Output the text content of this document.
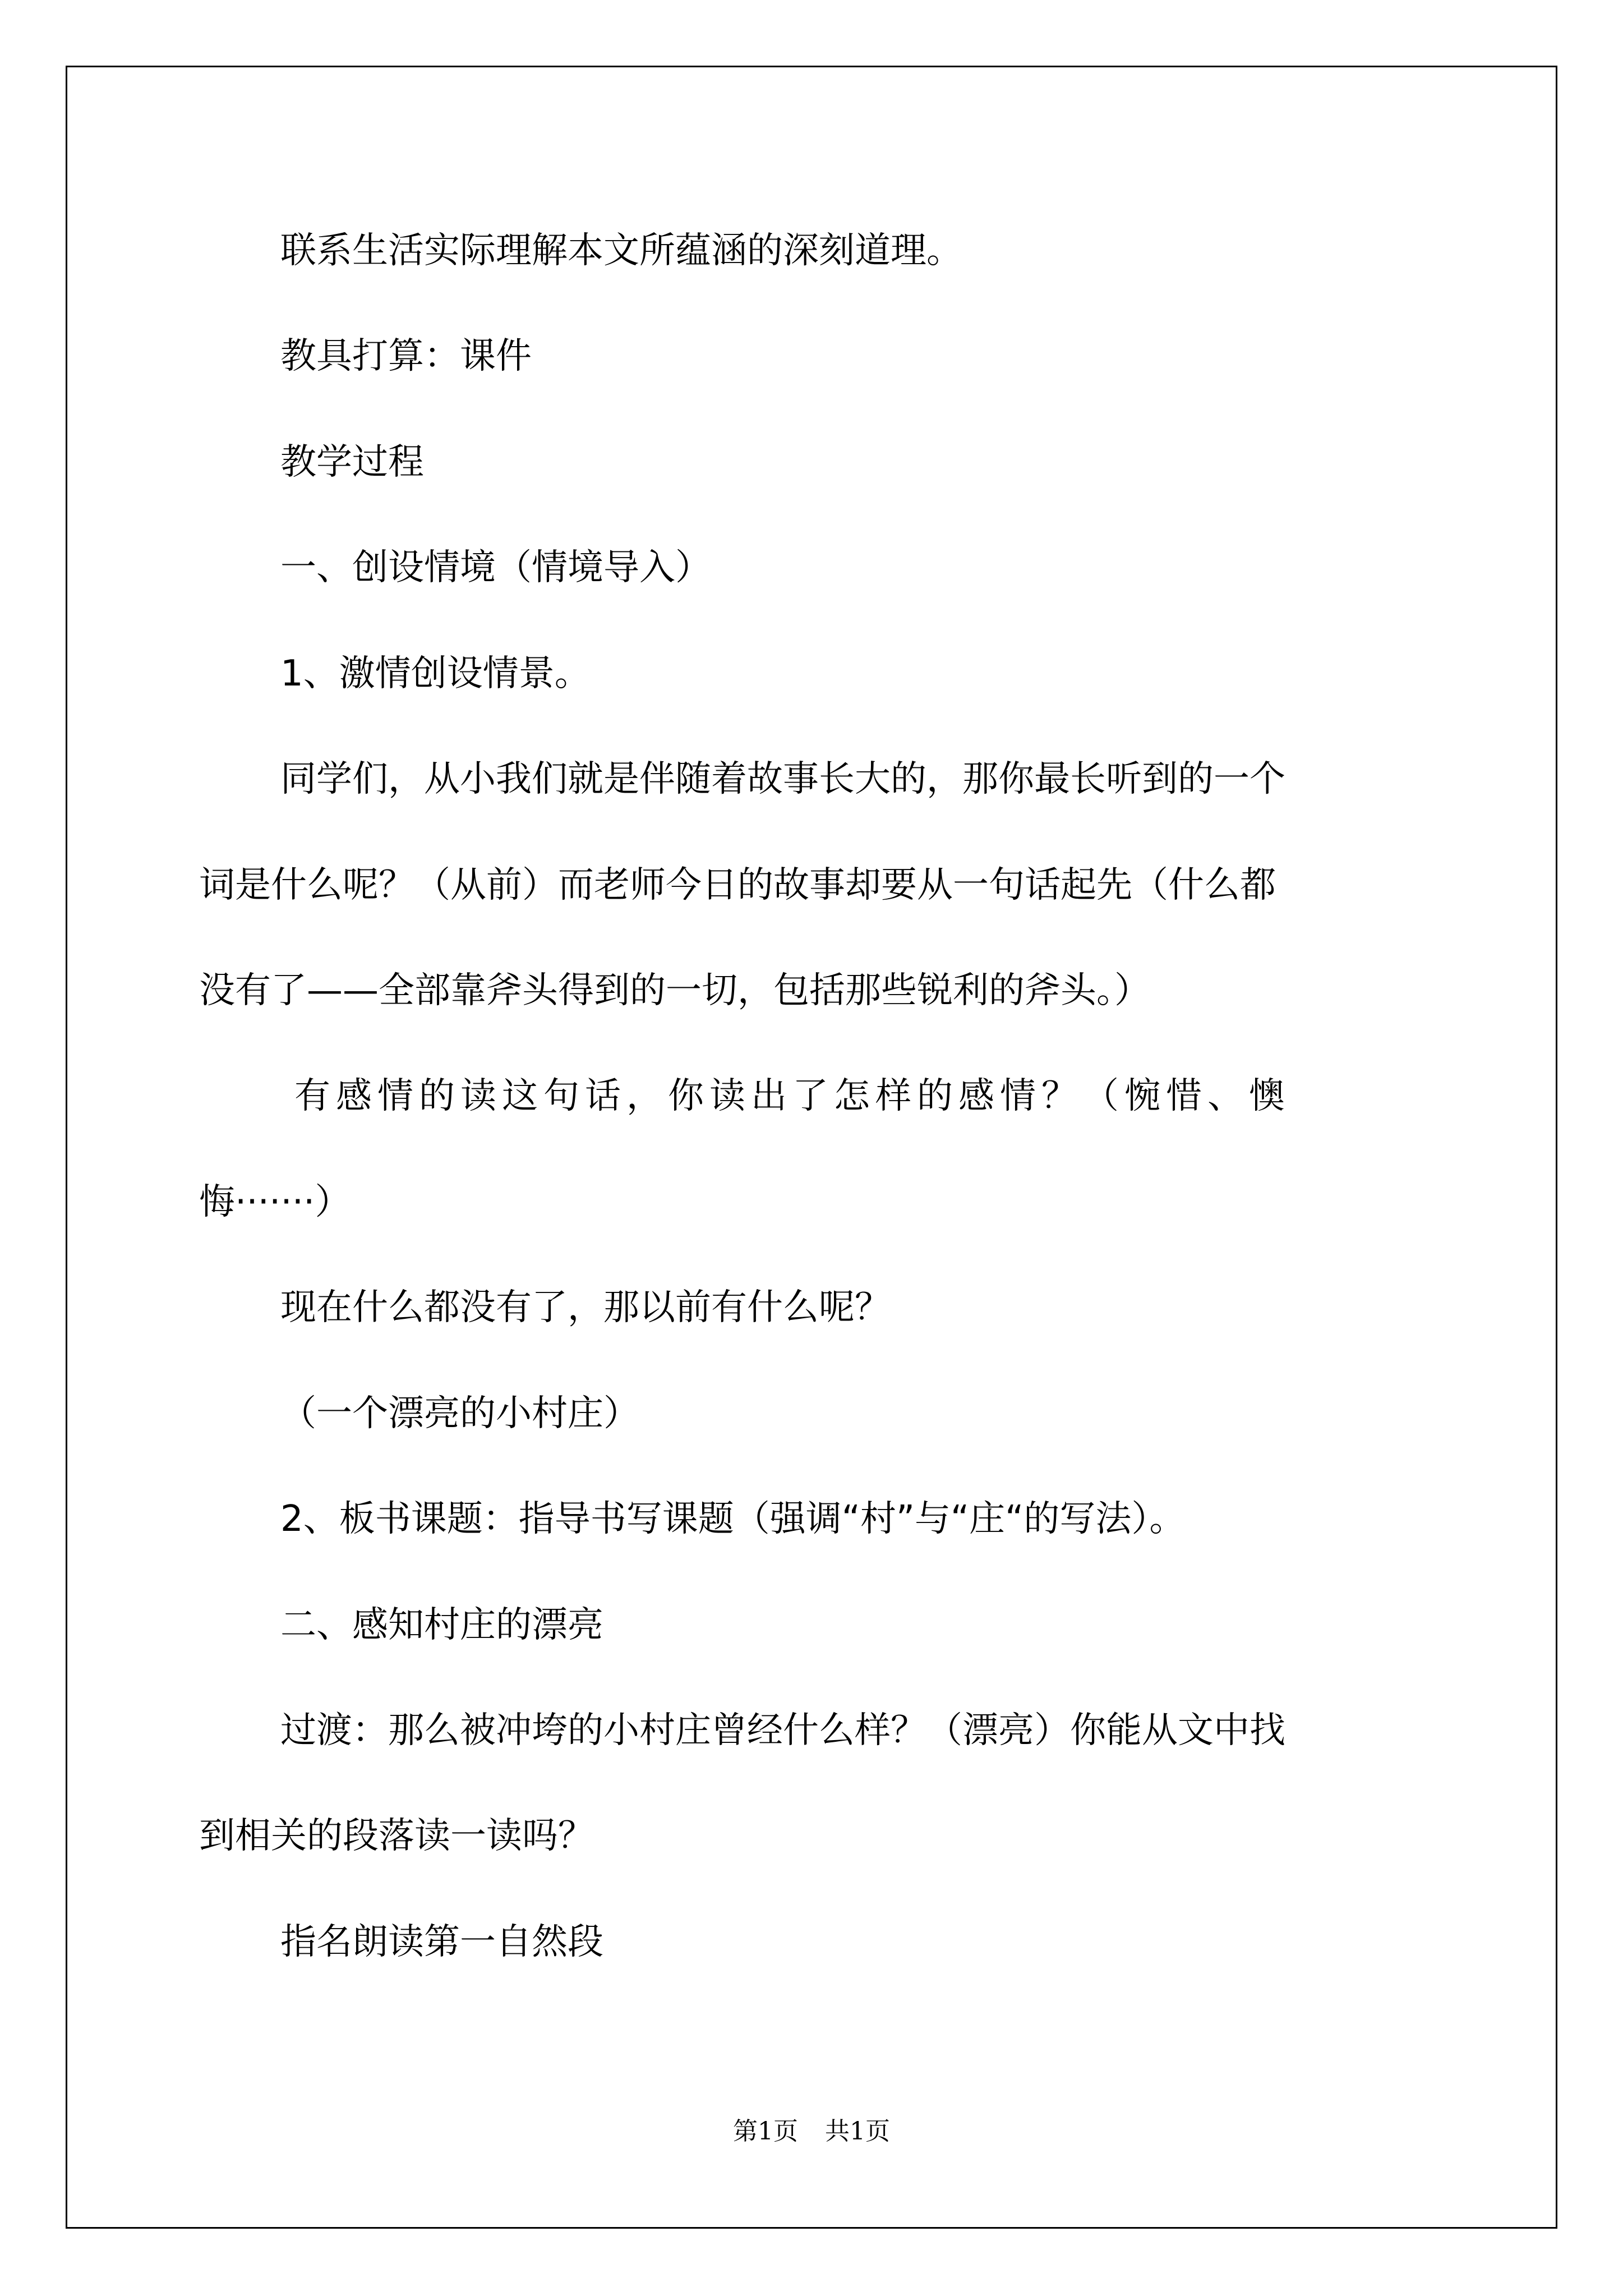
联系生活实际理解本文所蕴涵的深刻道理。

教具打算：课件

教学过程

一、创设情境（情境导入）

1、激情创设情景。

同学们，从小我们就是伴随着故事长大的，那你最长听到的一个

词是什么呢？（从前）而老师今日的故事却要从一句话起先（什么都

没有了——全部靠斧头得到的一切，包括那些锐利的斧头。）

有感情的读这句话，你读出了怎样的感情？（惋惜、懊

悔·······）

现在什么都没有了，那以前有什么呢？

（一个漂亮的小村庄）

2、板书课题：指导书写课题（强调“村”与“庄“的写法）。

二、感知村庄的漂亮

过渡：那么被冲垮的小村庄曾经什么样？（漂亮）你能从文中找

到相关的段落读一读吗？

指名朗读第一自然段

第1页 共1页
